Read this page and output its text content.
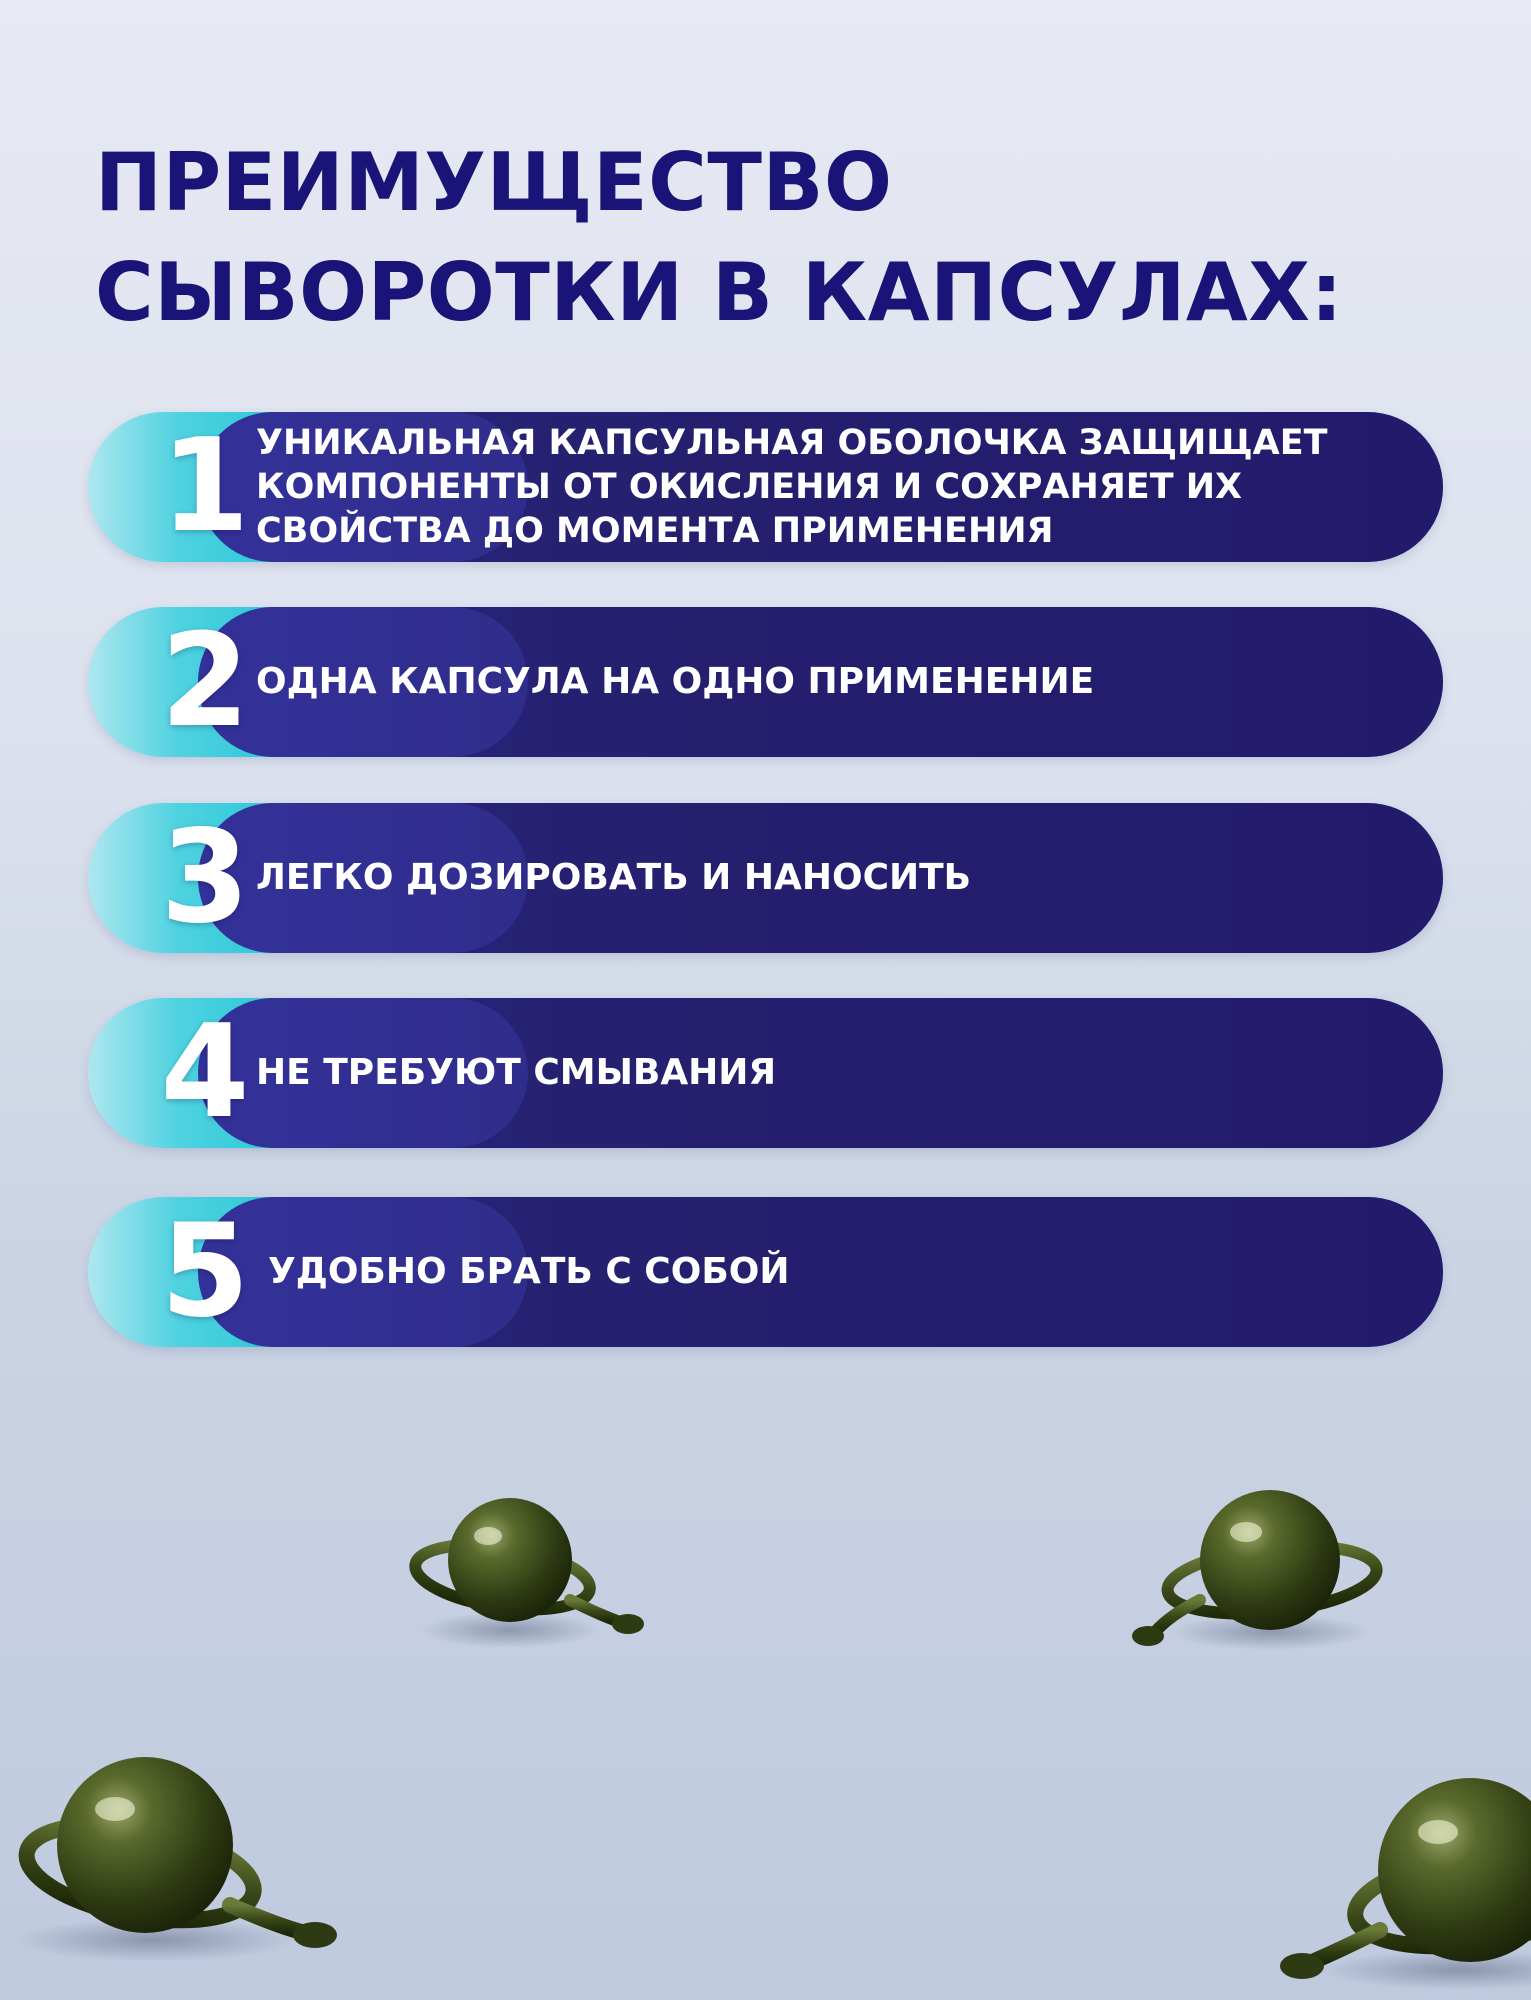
ПРЕИМУЩЕСТВО
СЫВОРОТКИ В КАПСУЛАХ:
1 УНИКАЛЬНАЯ КАПСУЛЬНАЯ ОБОЛОЧКА ЗАЩИЩАЕТ
КОМПОНЕНТЫ ОТ ОКИСЛЕНИЯ И СОХРАНЯЕТ ИХ
СВОЙСТВА ДО МОМЕНТА ПРИМЕНЕНИЯ
2 ОДНА КАПСУЛА НА ОДНО ПРИМЕНЕНИЕ
3 ЛЕГКО ДОЗИРОВАТЬ И НАНОСИТЬ
4 НЕ ТРЕБУЮТ СМЫВАНИЯ
5 УДОБНО БРАТЬ С СОБОЙ
